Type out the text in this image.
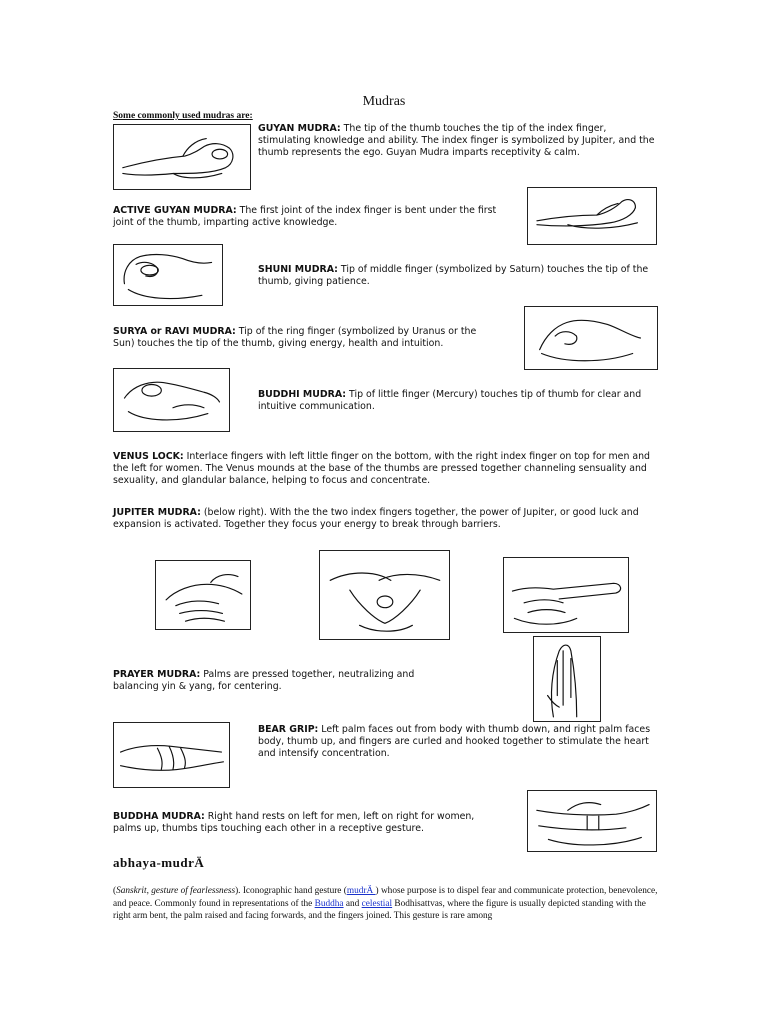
Mudras
Some commonly used mudras are:
GUYAN MUDRA: The tip of the thumb touches the tip of the index finger, stimulating knowledge and ability. The index finger is symbolized by Jupiter, and the thumb represents the ego. Guyan Mudra imparts receptivity & calm.
ACTIVE GUYAN MUDRA: The first joint of the index finger is bent under the first joint of the thumb, imparting active knowledge.
SHUNI MUDRA: Tip of middle finger (symbolized by Saturn) touches the tip of the thumb, giving patience.
SURYA or RAVI MUDRA: Tip of the ring finger (symbolized by Uranus or the Sun) touches the tip of the thumb, giving energy, health and intuition.
BUDDHI MUDRA: Tip of little finger (Mercury) touches tip of thumb for clear and intuitive communication.
VENUS LOCK: Interlace fingers with left little finger on the bottom, with the right index finger on top for men and the left for women. The Venus mounds at the base of the thumbs are pressed together channeling sensuality and sexuality, and glandular balance, helping to focus and concentrate.
JUPITER MUDRA: (below right). With the the two index fingers together, the power of Jupiter, or good luck and expansion is activated. Together they focus your energy to break through barriers.
PRAYER MUDRA: Palms are pressed together, neutralizing and balancing yin & yang, for centering.
BEAR GRIP: Left palm faces out from body with thumb down, and right palm faces body, thumb up, and fingers are curled and hooked together to stimulate the heart and intensify concentration.
BUDDHA MUDRA: Right hand rests on left for men, left on right for women, palms up, thumbs tips touching each other in a receptive gesture.
abhaya-mudrÄ
(Sanskrit, gesture of fearlessness). Iconographic hand gesture (mudrÄ ) whose purpose is to dispel fear and communicate protection, benevolence, and peace. Commonly found in representations of the Buddha and celestial Bodhisattvas, where the figure is usually depicted standing with the right arm bent, the palm raised and facing forwards, and the fingers joined. This gesture is rare among
